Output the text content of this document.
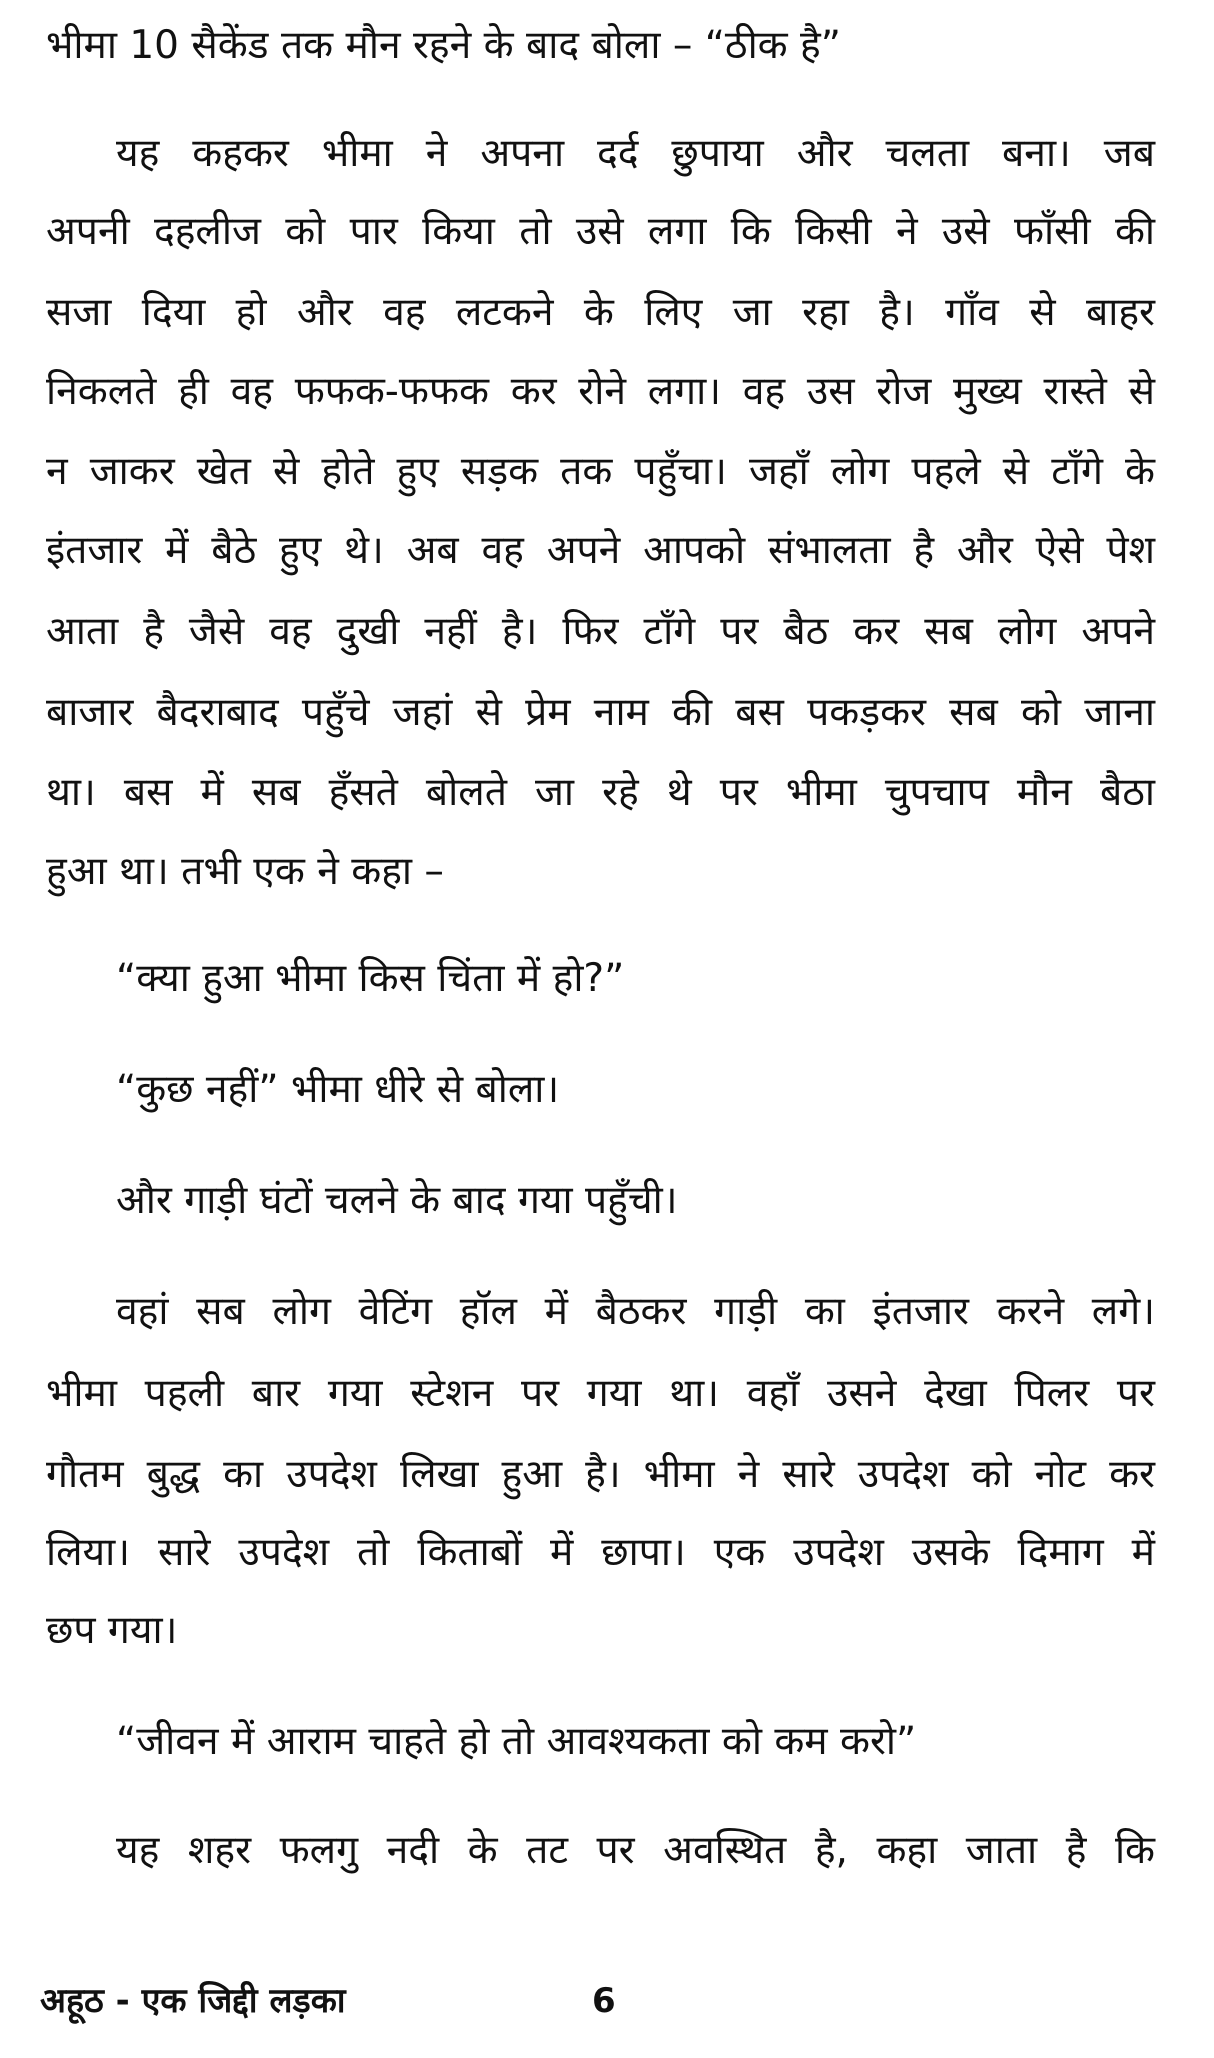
भीमा 10 सैकेंड तक मौन रहने के बाद बोला – “ठीक है”
यह कहकर भीमा ने अपना दर्द छुपाया और चलता बना। जब
अपनी दहलीज को पार किया तो उसे लगा कि किसी ने उसे फाँसी की
सजा दिया हो और वह लटकने के लिए जा रहा है। गाँव से बाहर
निकलते ही वह फफक-फफक कर रोने लगा। वह उस रोज मुख्य रास्ते से
न जाकर खेत से होते हुए सड़क तक पहुँचा। जहाँ लोग पहले से टाँगे के
इंतजार में बैठे हुए थे। अब वह अपने आपको संभालता है और ऐसे पेश
आता है जैसे वह दुखी नहीं है। फिर टाँगे पर बैठ कर सब लोग अपने
बाजार बैदराबाद पहुँचे जहां से प्रेम नाम की बस पकड़कर सब को जाना
था। बस में सब हँसते बोलते जा रहे थे पर भीमा चुपचाप मौन बैठा
हुआ था। तभी एक ने कहा –
“क्या हुआ भीमा किस चिंता में हो?”
“कुछ नहीं” भीमा धीरे से बोला।
और गाड़ी घंटों चलने के बाद गया पहुँची।
वहां सब लोग वेटिंग हॉल में बैठकर गाड़ी का इंतजार करने लगे।
भीमा पहली बार गया स्टेशन पर गया था। वहाँ उसने देखा पिलर पर
गौतम बुद्ध का उपदेश लिखा हुआ है। भीमा ने सारे उपदेश को नोट कर
लिया। सारे उपदेश तो किताबों में छापा। एक उपदेश उसके दिमाग में
छप गया।
“जीवन में आराम चाहते हो तो आवश्यकता को कम करो”
यह शहर फलगु नदी के तट पर अवस्थित है, कहा जाता है कि
अहूठ - एक जिद्दी लड़का	6
